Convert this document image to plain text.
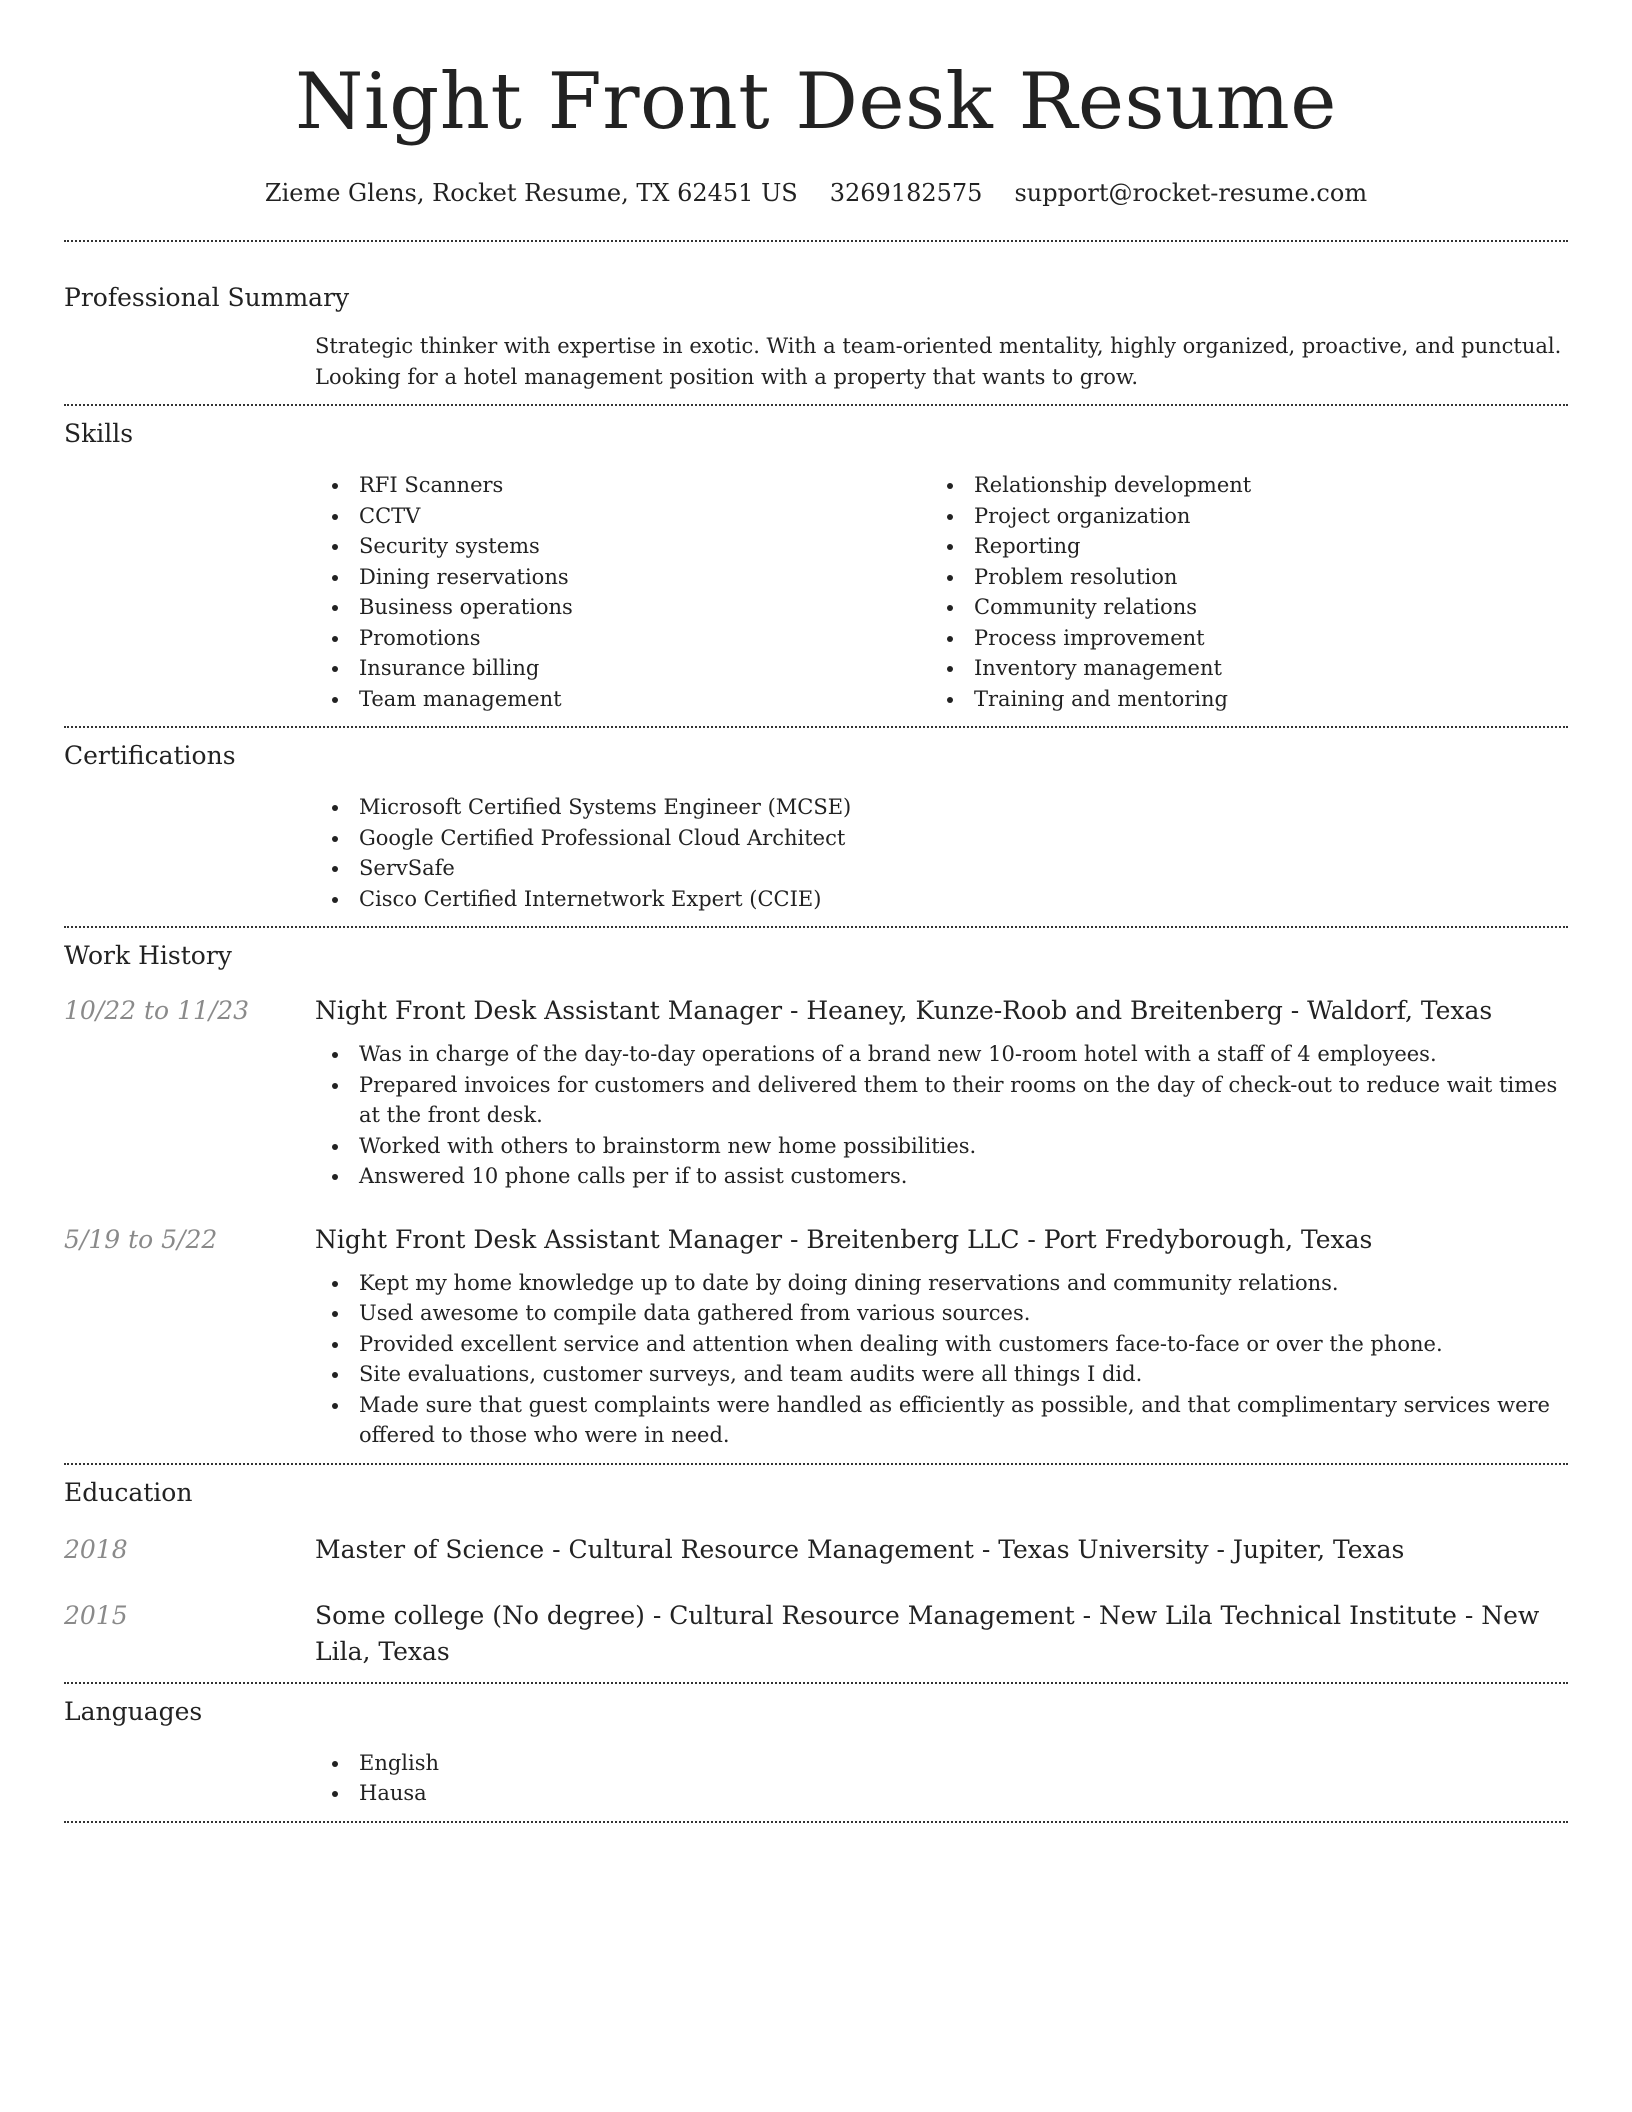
Night Front Desk Resume
Zieme Glens, Rocket Resume, TX 62451 US 3269182575 support@rocket-resume.com
Professional Summary
Strategic thinker with expertise in exotic. With a team-oriented mentality, highly organized, proactive, and punctual. Looking for a hotel management position with a property that wants to grow.
Skills
RFI Scanners
CCTV
Security systems
Dining reservations
Business operations
Promotions
Insurance billing
Team management
Relationship development
Project organization
Reporting
Problem resolution
Community relations
Process improvement
Inventory management
Training and mentoring
Certifications
Microsoft Certified Systems Engineer (MCSE)
Google Certified Professional Cloud Architect
ServSafe
Cisco Certified Internetwork Expert (CCIE)
Work History
10/22 to 11/23	Night Front Desk Assistant Manager - Heaney, Kunze-Roob and Breitenberg - Waldorf, Texas
Was in charge of the day-to-day operations of a brand new 10-room hotel with a staff of 4 employees.
Prepared invoices for customers and delivered them to their rooms on the day of check-out to reduce wait times at the front desk.
Worked with others to brainstorm new home possibilities.
Answered 10 phone calls per if to assist customers.
5/19 to 5/22	Night Front Desk Assistant Manager - Breitenberg LLC - Port Fredyborough, Texas
Kept my home knowledge up to date by doing dining reservations and community relations.
Used awesome to compile data gathered from various sources.
Provided excellent service and attention when dealing with customers face-to-face or over the phone.
Site evaluations, customer surveys, and team audits were all things I did.
Made sure that guest complaints were handled as efficiently as possible, and that complimentary services were offered to those who were in need.
Education
2018	Master of Science - Cultural Resource Management - Texas University - Jupiter, Texas
2015	Some college (No degree) - Cultural Resource Management - New Lila Technical Institute - New Lila, Texas
Languages
English
Hausa
